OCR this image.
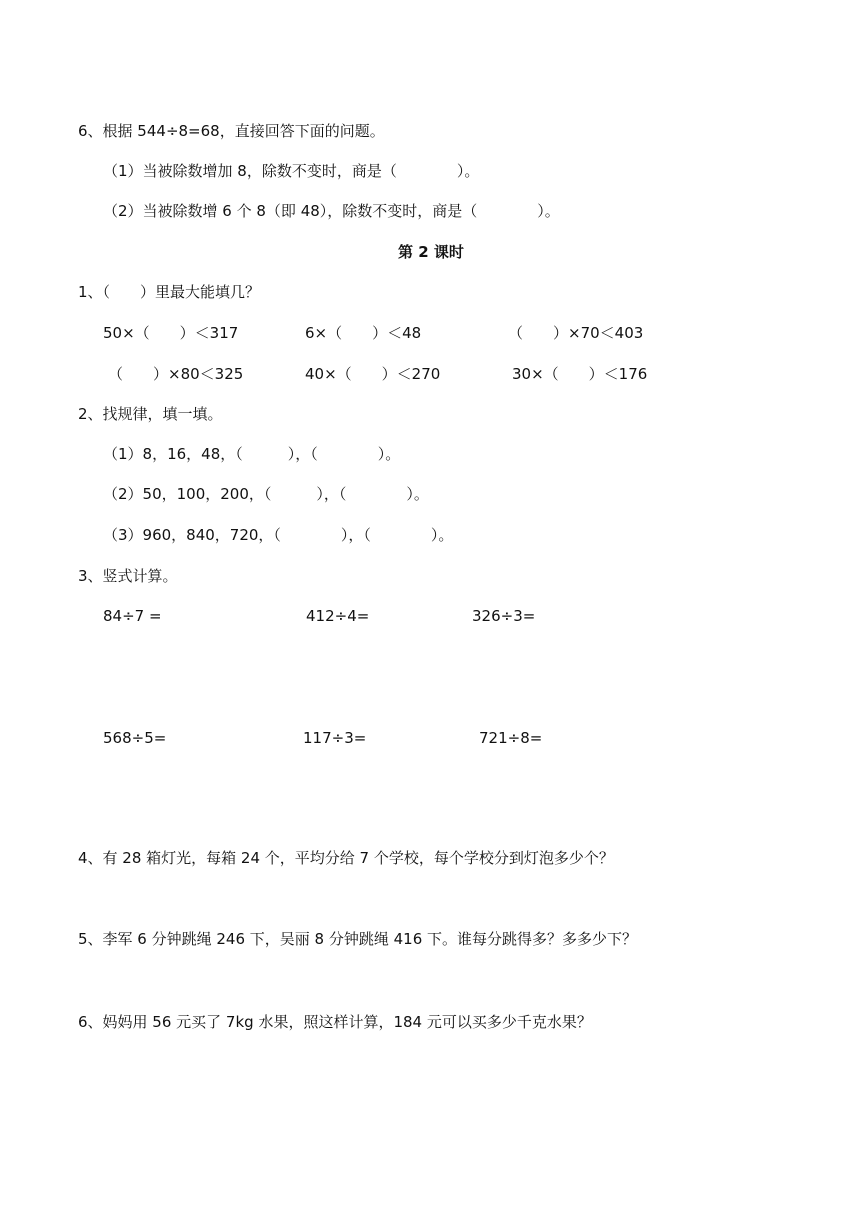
6、根据 544÷8=68，直接回答下面的问题。
（1）当被除数增加 8，除数不变时，商是（　　　　）。
（2）当被除数增 6 个 8（即 48），除数不变时，商是（　　　　）。
第 2 课时
1、（　　）里最大能填几？
50×（　　）＜317	6×（　　）＜48	（　　）×70＜403
（　　）×80＜325	40×（　　）＜270	30×（　　）＜176
2、找规律，填一填。
（1）8，16，48，（　　　），（　　　　）。
（2）50，100，200，（　　　），（　　　　）。
（3）960，840，720，（　　　　），（　　　　）。
3、竖式计算。
84÷7 =	412÷4=	326÷3=
568÷5=	117÷3=	721÷8=
4、有 28 箱灯光，每箱 24 个，平均分给 7 个学校，每个学校分到灯泡多少个？
5、李军 6 分钟跳绳 246 下，吴丽 8 分钟跳绳 416 下。谁每分跳得多？多多少下？
6、妈妈用 56 元买了 7kg 水果，照这样计算，184 元可以买多少千克水果？
